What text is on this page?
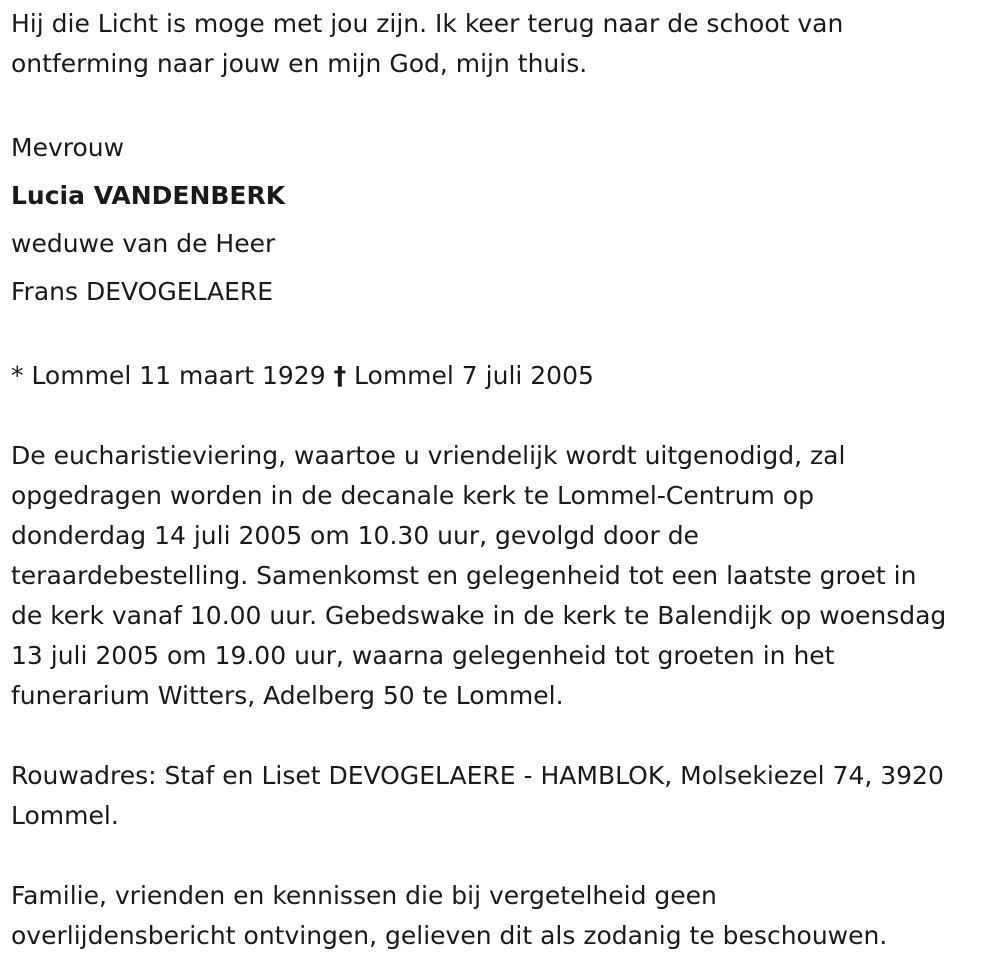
Hij die Licht is moge met jou zijn. Ik keer terug naar de schoot van

ontferming naar jouw en mijn God, mijn thuis.

Mevrouw

Lucia VANDENBERK

weduwe van de Heer

Frans DEVOGELAERE

* Lommel 11 maart 1929 † Lommel 7 juli 2005

De eucharistieviering, waartoe u vriendelijk wordt uitgenodigd, zal

opgedragen worden in de decanale kerk te Lommel-Centrum op

donderdag 14 juli 2005 om 10.30 uur, gevolgd door de

teraardebestelling. Samenkomst en gelegenheid tot een laatste groet in

de kerk vanaf 10.00 uur. Gebedswake in de kerk te Balendijk op woensdag

13 juli 2005 om 19.00 uur, waarna gelegenheid tot groeten in het

funerarium Witters, Adelberg 50 te Lommel.

Rouwadres: Staf en Liset DEVOGELAERE - HAMBLOK, Molsekiezel 74, 3920

Lommel.

Familie, vrienden en kennissen die bij vergetelheid geen

overlijdensbericht ontvingen, gelieven dit als zodanig te beschouwen.
